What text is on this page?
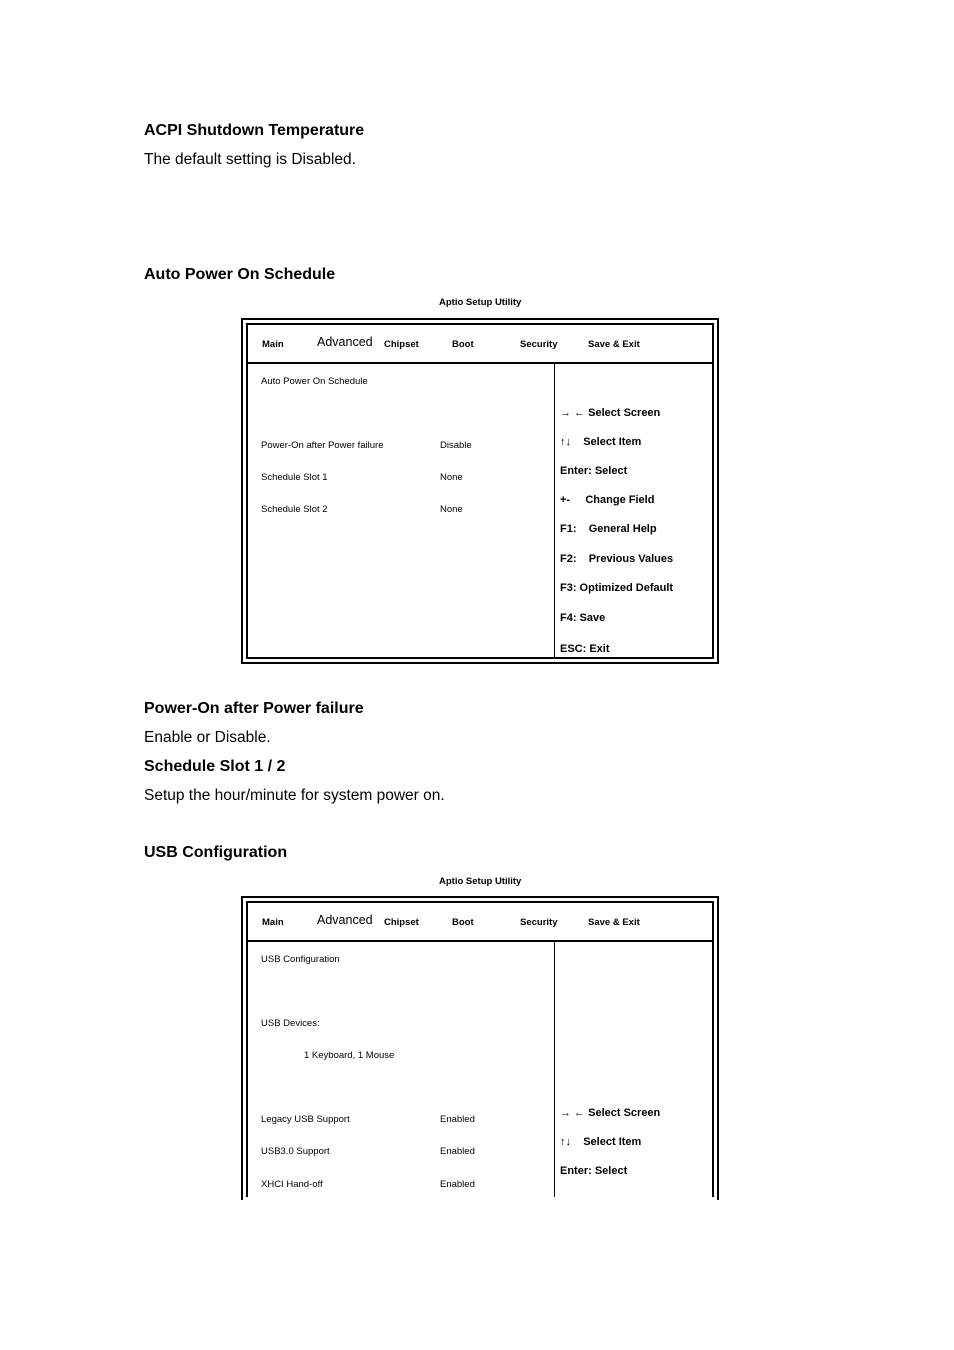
ACPI Shutdown Temperature
The default setting is Disabled.
Auto Power On Schedule
Aptio Setup Utility
Main	Advanced Chipset	Boot	Security	Save & Exit
Auto Power On Schedule
Power-On after Power failure	Disable
Schedule Slot 1	None
Schedule Slot 2	None
→ ← Select Screen
↑↓    Select Item
Enter: Select
+-     Change Field
F1:    General Help
F2:    Previous Values
F3: Optimized Default
F4: Save
ESC: Exit
Power-On after Power failure
Enable or Disable.
Schedule Slot 1 / 2
Setup the hour/minute for system power on.
USB Configuration
Aptio Setup Utility
Main	Advanced Chipset	Boot	Security	Save & Exit
USB Configuration
USB Devices:
1 Keyboard, 1 Mouse
Legacy USB Support	Enabled
USB3.0 Support	Enabled
XHCI Hand-off	Enabled
→ ← Select Screen
↑↓    Select Item
Enter: Select
